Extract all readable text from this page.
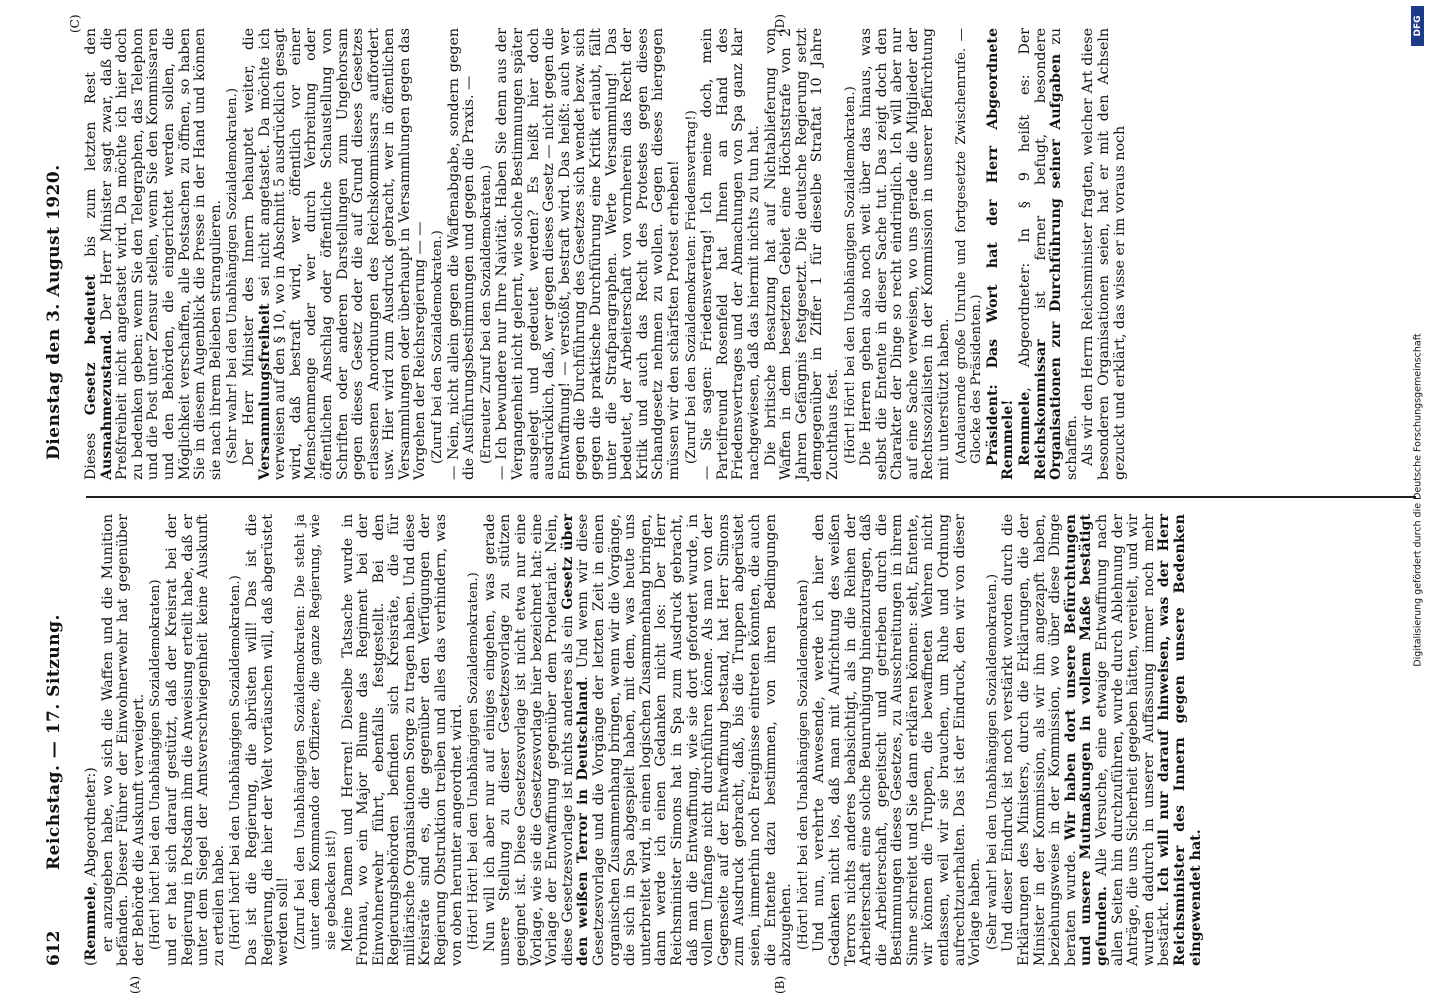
612
Reichstag. — 17. Sitzung.
Dienstag den 3. August 1920.
(A)	(B)
(C)	(D)

(Remmele, Abgeordneter:) er anzugeben habe, wo sich die Waffen und die Munition befänden. Dieser Führer der Einwohnerwehr hat gegenüber der Behörde die Auskunft verweigert. (Hört! hört! bei den Unabhängigen Sozialdemokraten) und er hat sich darauf gestützt, daß der Kreisrat bei der Regierung in Potsdam ihm die Anweisung erteilt habe, daß er unter dem Siegel der Amtsverschwiegenheit keine Auskunft zu erteilen habe. (Hört! hört! bei den Unabhängigen Sozialdemokraten.) Das ist die Regierung, die abrüsten will! Das ist die Regierung, die hier der Welt vortäuschen will, daß abgerüstet werden soll! (Zuruf bei den Unabhängigen Sozialdemokraten: Die steht ja unter dem Kommando der Offiziere, die ganze Regierung, wie sie gebacken ist!) Meine Damen und Herren! Dieselbe Tatsache wurde in Frohnau, wo ein Major Blume das Regiment bei der Einwohnerwehr führt, ebenfalls festgestellt. Bei den Regierungsbehörden befinden sich Kreisräte, die für militärische Organisationen Sorge zu tragen haben. Und diese Kreisräte sind es, die gegenüber den Verfügungen der Regierung Obstruktion treiben und alles das verhindern, was von oben herunter angeordnet wird. (Hört! Hört! bei den Unabhängigen Sozialdemokraten.) Nun will ich aber nur auf einiges eingehen, was gerade unsere Stellung zu dieser Gesetzesvorlage zu stützen geeignet ist. Diese Gesetzesvorlage ist nicht etwa nur eine Vorlage, wie sie die Gesetzesvorlage hier bezeichnet hat: eine Vorlage der Entwaffnung gegenüber dem Proletariat. Nein, diese Gesetzesvorlage ist nichts anderes als ein Gesetz über den weißen Terror in Deutschland. Und wenn wir diese Gesetzesvorlage und die Vorgänge der letzten Zeit in einen organischen Zusammenhang bringen, wenn wir die Vorgänge, die sich in Spa abgespielt haben, mit dem, was heute uns unterbreitet wird, in einen logischen Zusammenhang bringen, dann werde ich einen Gedanken nicht los: Der Herr Reichsminister Simons hat in Spa zum Ausdruck gebracht, daß man die Entwaffnung, wie sie dort gefordert wurde, in vollem Umfange nicht durchführen könne. Als man von der Gegenseite auf der Entwaffnung bestand, hat Herr Simons zum Ausdruck gebracht, daß, bis die Truppen abgerüstet seien, immerhin noch Ereignisse eintreten könnten, die auch die Entente dazu bestimmen, von ihren Bedingungen abzugehen. (Hört! hört! bei den Unabhängigen Sozialdemokraten) Und nun, verehrte Anwesende, werde ich hier den Gedanken nicht los, daß man mit Aufrichtung des weißen Terrors nichts anderes beabsichtigt, als in die Reihen der Arbeiterschaft eine solche Beunruhigung hineinzutragen, daß die Arbeiterschaft, gepeitscht und getrieben durch die Bestimmungen dieses Gesetzes, zu Ausschreitungen in ihrem Sinne schreitet und Sie dann erklären können: seht, Entente, wir können die Truppen, die bewaffneten Wehren nicht entlassen, weil wir sie brauchen, um Ruhe und Ordnung aufrechtzuerhalten. Das ist der Eindruck, den wir von dieser Vorlage haben. (Sehr wahr! bei den Unabhängigen Sozialdemokraten.) Und dieser Eindruck ist noch verstärkt worden durch die Erklärungen des Ministers, durch die Erklärungen, die der Minister in der Kommission, als wir ihn angezapft haben, beziehungsweise in der Kommission, wo über diese Dinge beraten wurde. Wir haben dort unsere Befürchtungen und unsere Mutmaßungen in vollem Maße bestätigt gefunden. Alle Versuche, eine etwaige Entwaffnung nach allen Seiten hin durchzuführen, wurde durch Ablehnung der Anträge, die uns Sicherheit gegeben hätten, vereitelt, und wir wurden dadurch in unserer Auffassung immer noch mehr bestärkt. Ich will nur darauf hinweisen, was der Herr Reichsminister des Innern gegen unsere Bedenken eingewendet hat.

Dieses Gesetz bedeutet bis zum letzten Rest den Ausnahmezustand. Der Herr Minister sagt zwar, daß die Preßfreiheit nicht angetastet wird. Da möchte ich hier doch zu bedenken geben: wenn Sie den Telegraphen, das Telephon und die Post unter Zensur stellen, wenn Sie den Kommissaren und den Behörden, die eingerichtet werden sollen, die Möglichkeit verschaffen, alle Postsachen zu öffnen, so haben Sie in diesem Augenblick die Presse in der Hand und können sie nach ihrem Belieben strangulieren. (Sehr wahr! bei den Unabhängigen Sozialdemokraten.) Der Herr Minister des Innern behauptet weiter, die Versammlungsfreiheit sei nicht angetastet. Da möchte ich verweisen auf den § 10, wo in Abschnitt 5 ausdrücklich gesagt wird, daß bestraft wird, wer öffentlich vor einer Menschenmenge oder wer durch Verbreitung oder öffentlichen Anschlag oder öffentliche Schaustellung von Schriften oder anderen Darstellungen zum Ungehorsam gegen dieses Gesetz oder die auf Grund dieses Gesetzes erlassenen Anordnungen des Reichskommissars auffordert usw. Hier wird zum Ausdruck gebracht, wer in öffentlichen Versammlungen oder überhaupt in Versammlungen gegen das Vorgehen der Reichsregierung — — (Zuruf bei den Sozialdemokraten.) — Nein, nicht allein gegen die Waffenabgabe, sondern gegen die Ausführungsbestimmungen und gegen die Praxis. — (Erneuter Zuruf bei den Sozialdemokraten.) — Ich bewundere nur Ihre Naivität. Haben Sie denn aus der Vergangenheit nicht gelernt, wie solche Bestimmungen später ausgelegt und gedeutet werden? Es heißt hier doch ausdrücklich, daß, wer gegen dieses Gesetz — nicht gegen die Entwaffnung! — verstößt, bestraft wird. Das heißt: auch wer gegen die Durchführung des Gesetzes sich wendet bezw. sich gegen die praktische Durchführung eine Kritik erlaubt, fällt unter die Strafparagraphen. Werte Versammlung! Das bedeutet, der Arbeiterschaft von vornherein das Recht der Kritik und auch das Recht des Protestes gegen dieses Schandgesetz nehmen zu wollen. Gegen dieses hiergegen müssen wir den schärfsten Protest erheben! (Zuruf bei den Sozialdemokraten: Friedensvertrag!) — Sie sagen: Friedensvertrag! Ich meine doch, mein Parteifreund Rosenfeld hat Ihnen an Hand des Friedensvertrages und der Abmachungen von Spa ganz klar nachgewiesen, daß das hiermit nichts zu tun hat. Die britische Besatzung hat auf Nichtablieferung von Waffen in dem besetzten Gebiet eine Höchststrafe von 2 Jahren Gefängnis festgesetzt. Die deutsche Regierung setzt demgegenüber in Ziffer 1 für dieselbe Straftat 10 Jahre Zuchthaus fest. (Hört! Hört! bei den Unabhängigen Sozialdemokraten.) Die Herren gehen also noch weit über das hinaus, was selbst die Entente in dieser Sache tut. Das zeigt doch den Charakter der Dinge so recht eindringlich. Ich will aber nur auf eine Sache verweisen, wo uns gerade die Mitglieder der Rechtssozialisten in der Kommission in unserer Befürchtung mit unterstützt haben. (Andauernde große Unruhe und fortgesetzte Zwischenrufe. — Glocke des Präsidenten.) Präsident: Das Wort hat der Herr Abgeordnete Remmele! Remmele, Abgeordneter: In § 9 heißt es: Der Reichskommissar ist ferner befugt, besondere Organisationen zur Durchführung seiner Aufgaben zu schaffen. Als wir den Herrn Reichsminister fragten, welcher Art diese besonderen Organisationen seien, hat er mit den Achseln gezuckt und erklärt, das wisse er im voraus noch

DFG
Digitalisierung gefördert durch die Deutsche Forschungsgemeinschaft
